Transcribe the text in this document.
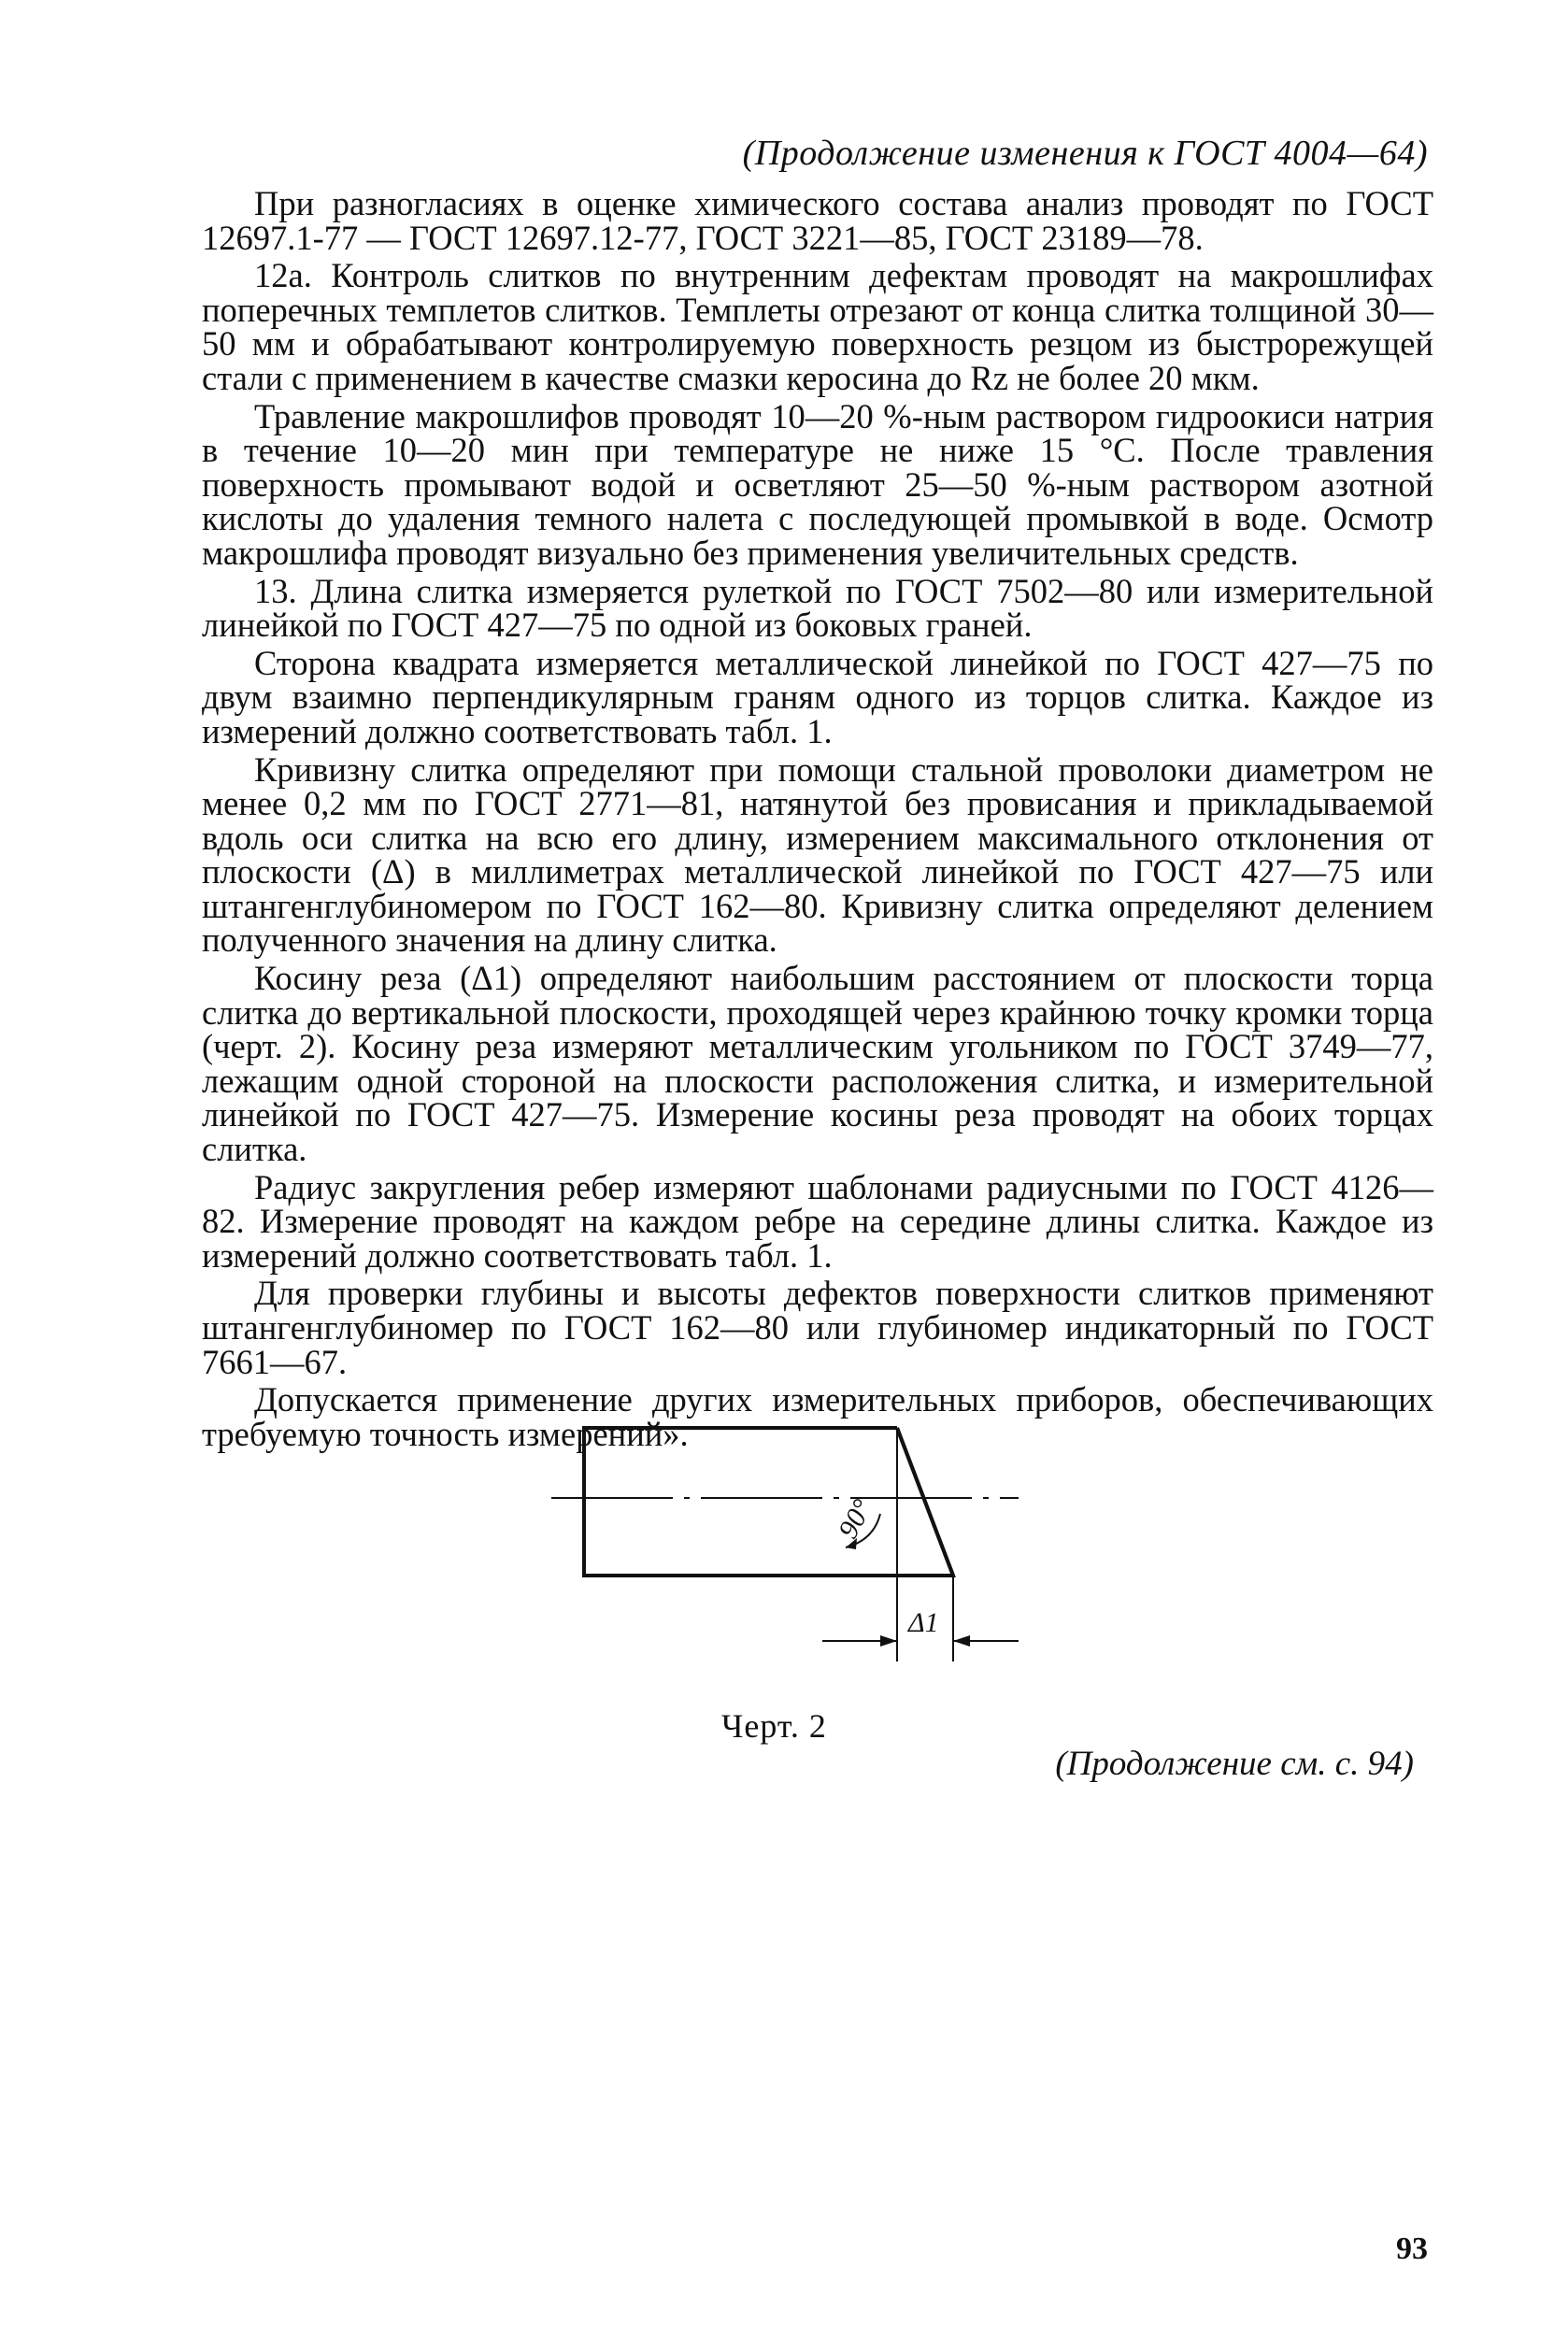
(Продолжение изменения к ГОСТ 4004—64)

При разногласиях в оценке химического состава анализ проводят по ГОСТ 12697.1-77 — ГОСТ 12697.12-77, ГОСТ 3221—85, ГОСТ 23189—78.

12а. Контроль слитков по внутренним дефектам проводят на макрошлифах поперечных темплетов слитков. Темплеты отрезают от конца слитка толщиной 30—50 мм и обрабатывают контролируемую поверхность резцом из быстрорежущей стали с применением в качестве смазки керосина до Rz не более 20 мкм.

Травление макрошлифов проводят 10—20 %-ным раствором гидроокиси натрия в течение 10—20 мин при температуре не ниже 15 °С. После травления поверхность промывают водой и осветляют 25—50 %-ным раствором азотной кислоты до удаления темного налета с последующей промывкой в воде. Осмотр макрошлифа проводят визуально без применения увеличительных средств.

13. Длина слитка измеряется рулеткой по ГОСТ 7502—80 или измерительной линейкой по ГОСТ 427—75 по одной из боковых граней.

Сторона квадрата измеряется металлической линейкой по ГОСТ 427—75 по двум взаимно перпендикулярным граням одного из торцов слитка. Каждое из измерений должно соответствовать табл. 1.

Кривизну слитка определяют при помощи стальной проволоки диаметром не менее 0,2 мм по ГОСТ 2771—81, натянутой без провисания и прикладываемой вдоль оси слитка на всю его длину, измерением максимального отклонения от плоскости (Δ) в миллиметрах металлической линейкой по ГОСТ 427—75 или штангенглубиномером по ГОСТ 162—80. Кривизну слитка определяют делением полученного значения на длину слитка.

Косину реза (Δ1) определяют наибольшим расстоянием от плоскости торца слитка до вертикальной плоскости, проходящей через крайнюю точку кромки торца (черт. 2). Косину реза измеряют металлическим угольником по ГОСТ 3749—77, лежащим одной стороной на плоскости расположения слитка, и измерительной линейкой по ГОСТ 427—75. Измерение косины реза проводят на обоих торцах слитка.

Радиус закругления ребер измеряют шаблонами радиусными по ГОСТ 4126—82. Измерение проводят на каждом ребре на середине длины слитка. Каждое из измерений должно соответствовать табл. 1.

Для проверки глубины и высоты дефектов поверхности слитков применяют штангенглубиномер по ГОСТ 162—80 или глубиномер индикаторный по ГОСТ 7661—67.

Допускается применение других измерительных приборов, обеспечивающих требуемую точность измерений».

90°
Δ1
Черт. 2
(Продолжение см. с. 94)
93
